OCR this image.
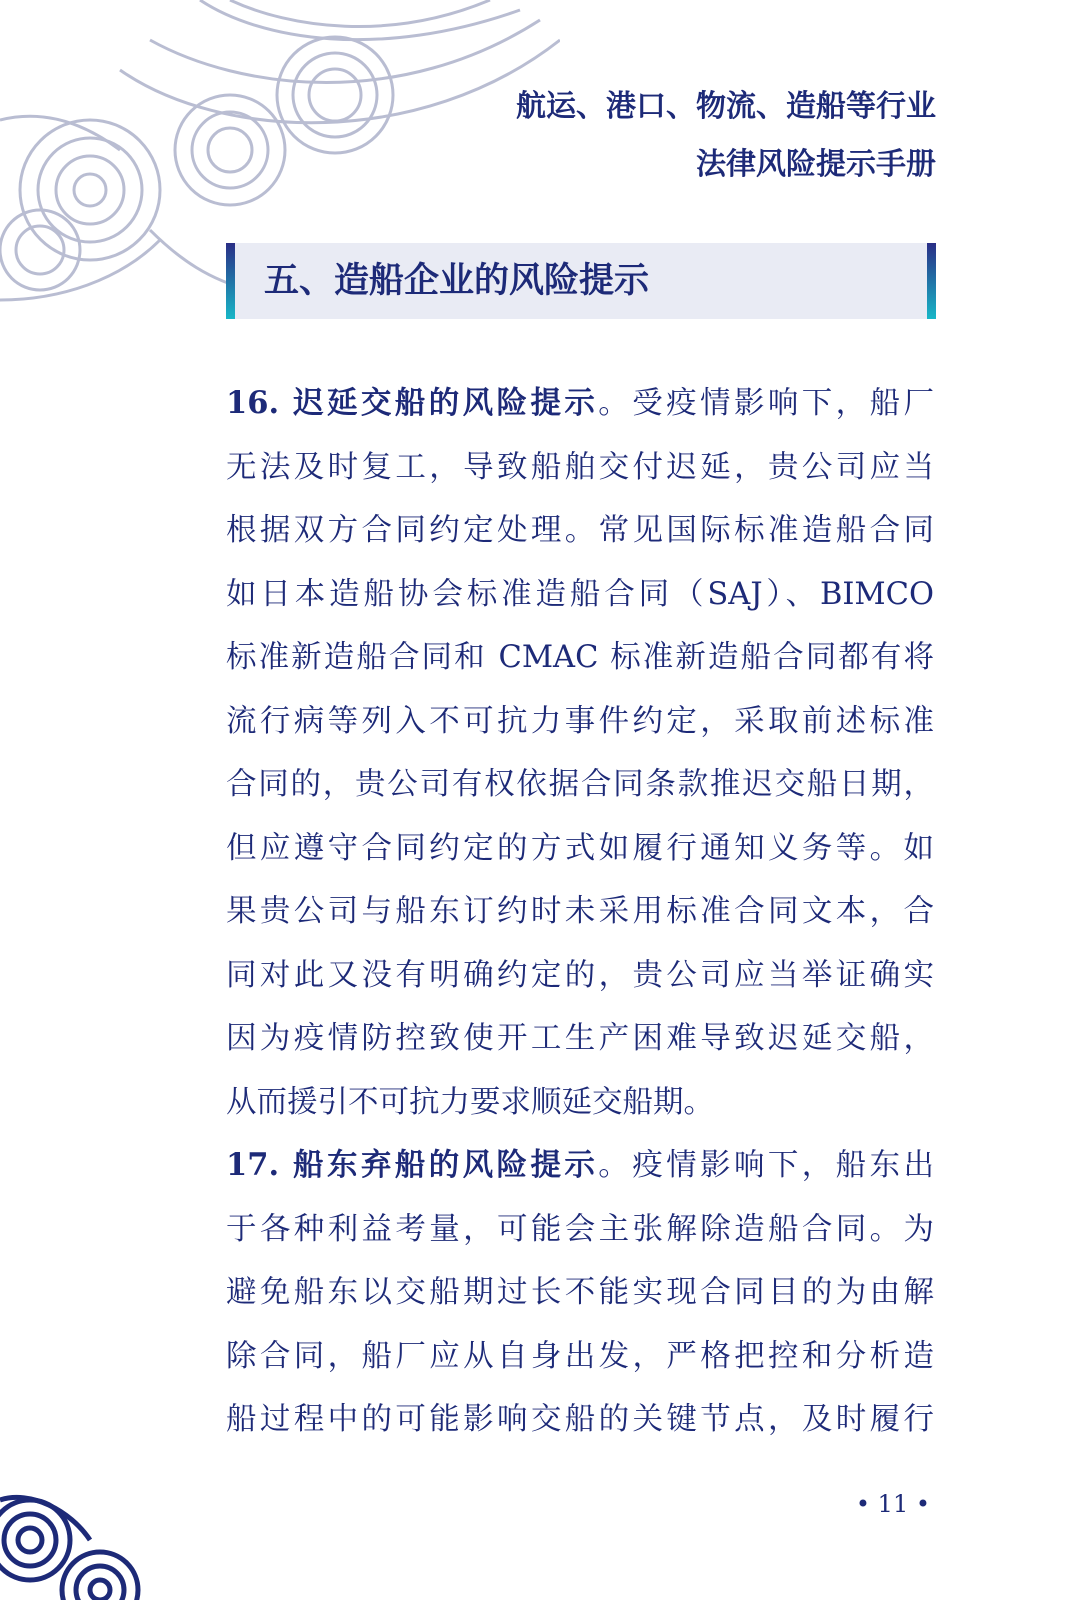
航运、港口、物流、造船等行业
法律风险提示手册
五、造船企业的风险提示
16. 迟延交船的风险提示。受疫情影响下，船厂
无法及时复工，导致船舶交付迟延，贵公司应当
根据双方合同约定处理。常见国际标准造船合同
如日本造船协会标准造船合同（SAJ）、BIMCO
标准新造船合同和 CMAC 标准新造船合同都有将
流行病等列入不可抗力事件约定，采取前述标准
合同的，贵公司有权依据合同条款推迟交船日期，
但应遵守合同约定的方式如履行通知义务等。如
果贵公司与船东订约时未采用标准合同文本，合
同对此又没有明确约定的，贵公司应当举证确实
因为疫情防控致使开工生产困难导致迟延交船，
从而援引不可抗力要求顺延交船期。
17. 船东弃船的风险提示。疫情影响下，船东出
于各种利益考量，可能会主张解除造船合同。为
避免船东以交船期过长不能实现合同目的为由解
除合同，船厂应从自身出发，严格把控和分析造
船过程中的可能影响交船的关键节点，及时履行
• 11 •
